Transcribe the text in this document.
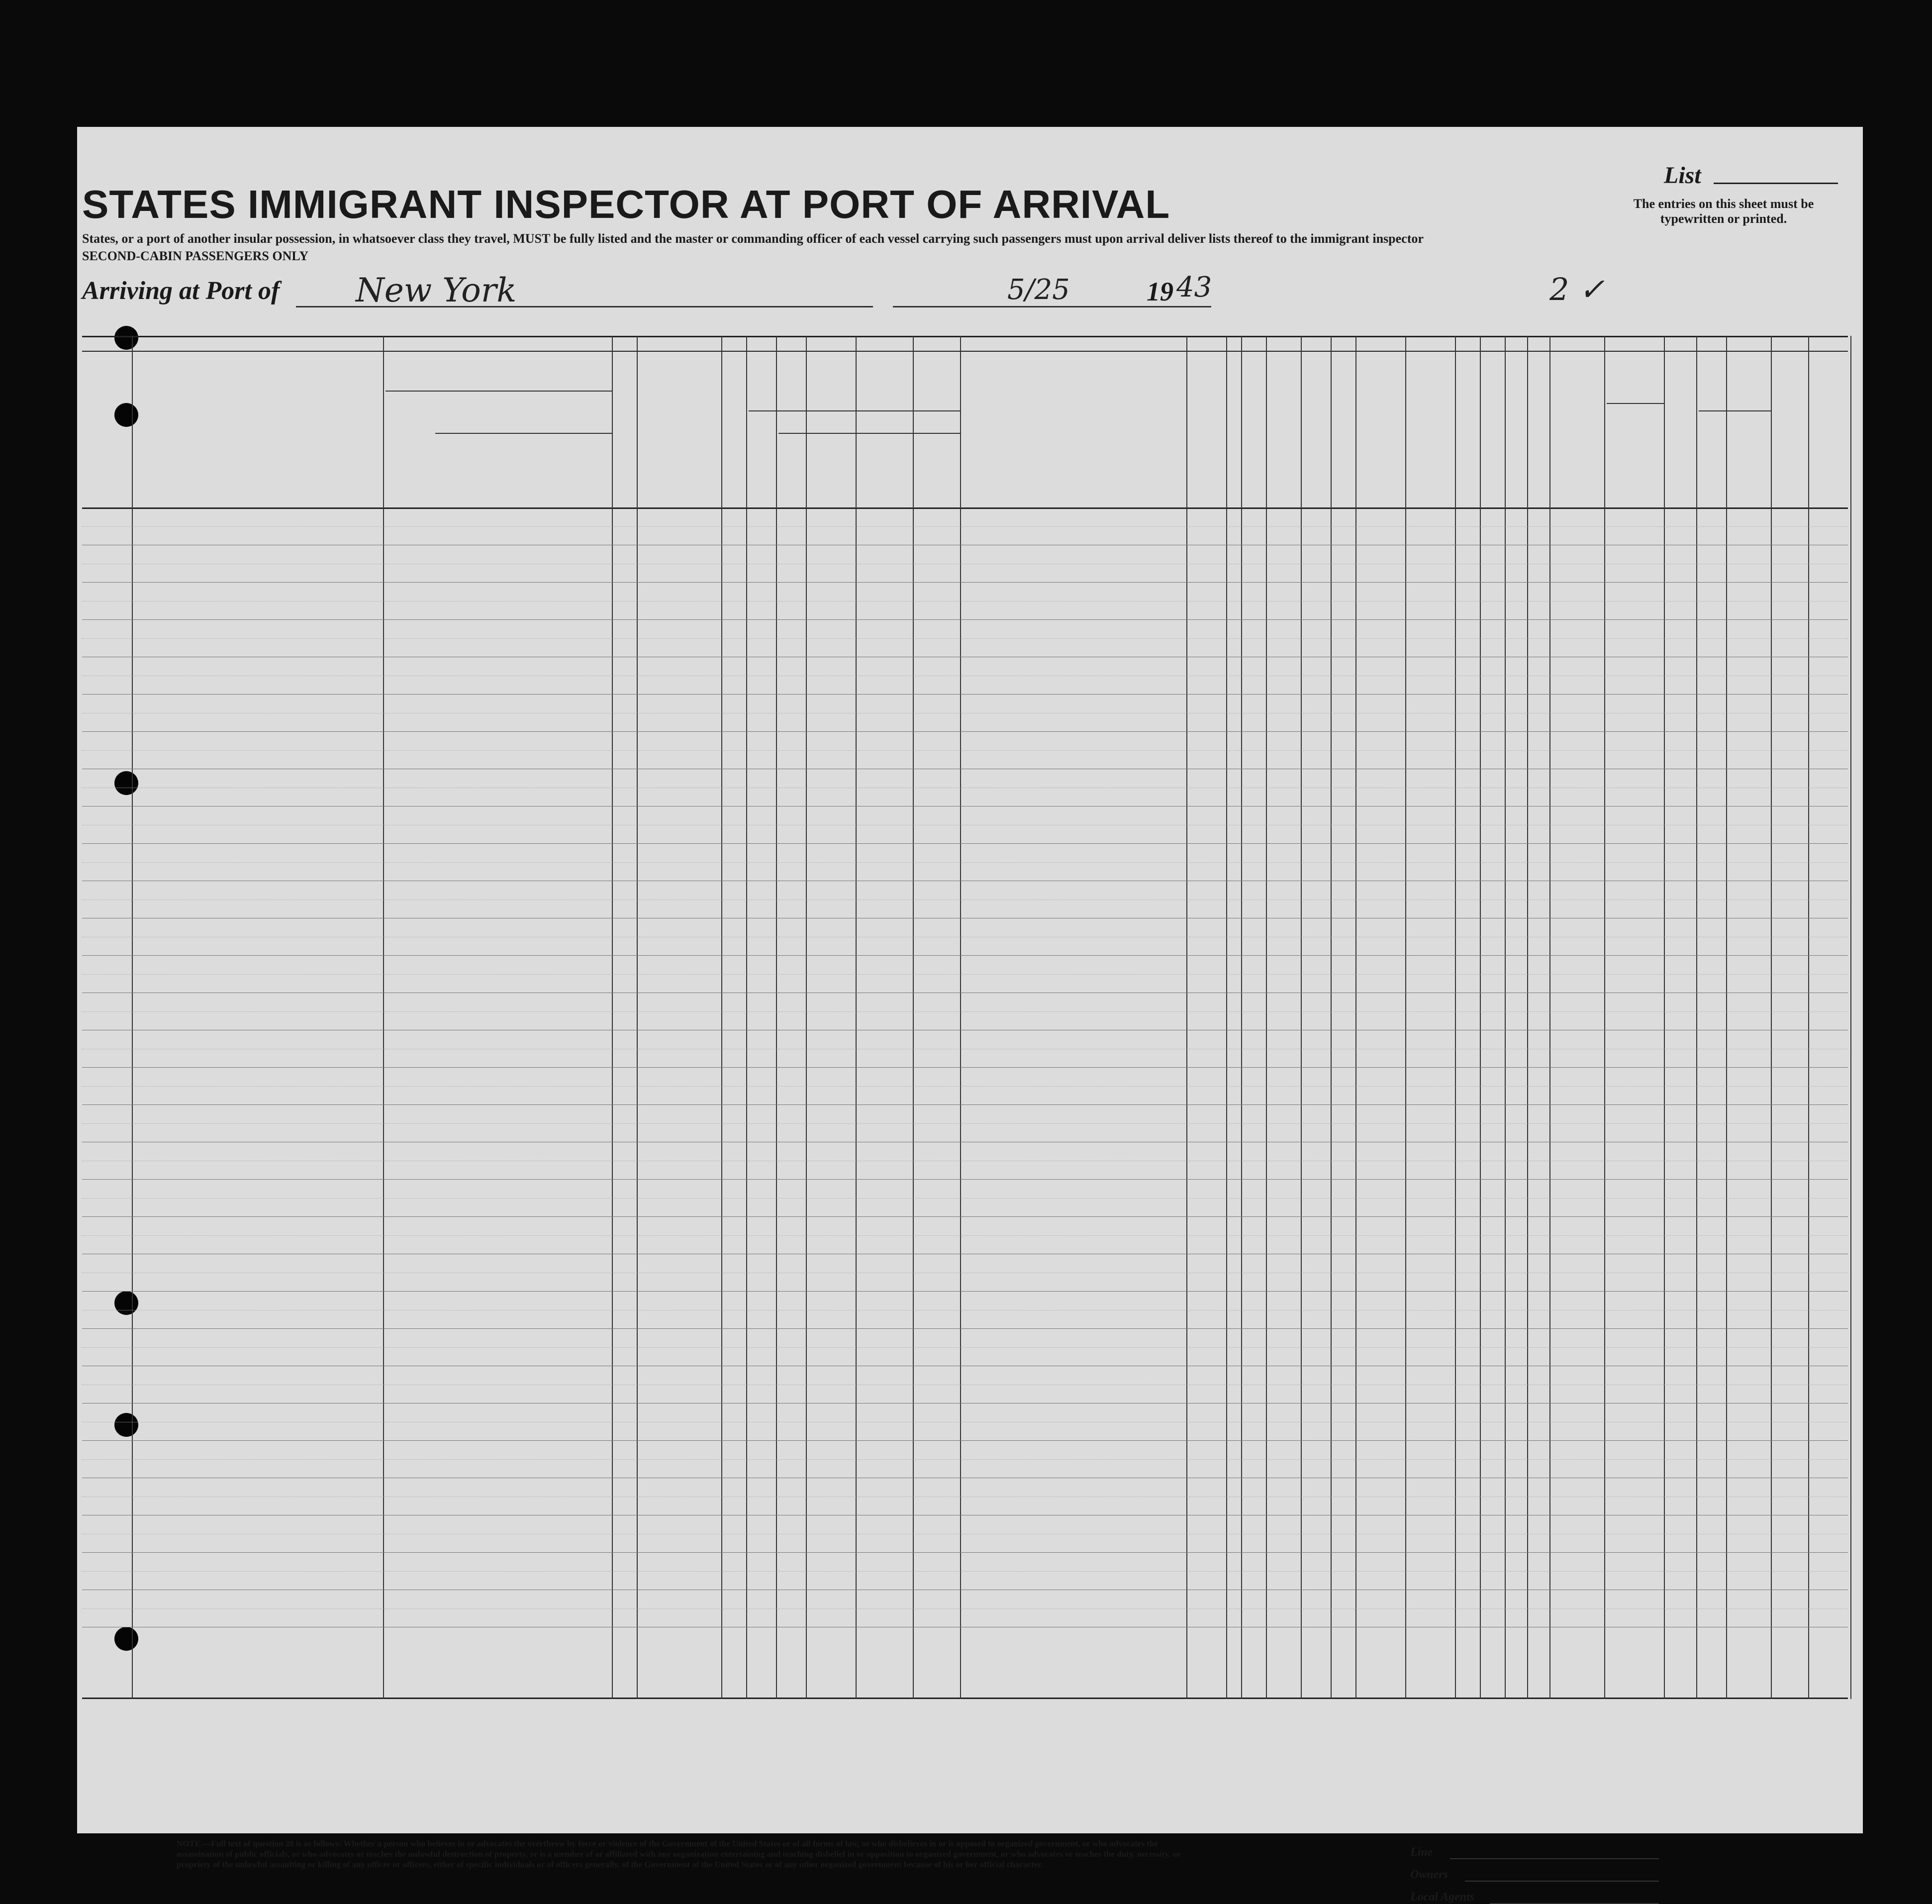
STATES IMMIGRANT INSPECTOR AT PORT OF ARRIVAL
List
The entries on this sheet must be typewritten or printed.
States, or a port of another insular possession, in whatsoever class they travel, MUST be fully listed and the master or commanding officer of each vessel carrying such passengers must upon arrival deliver lists thereof to the immigrant inspector
SECOND-CABIN PASSENGERS ONLY
Arriving at Port of New York	5/25	19 43	2 ✓
NOTE.—Full text of question 28 is as follows: Whether a person who believes in or advocates the overthrow by force or violence of the Government of the United States or of all forms of law, or who disbelieves in or is opposed to organized government, or who advocates the assassination of public officials, or who advocates or teaches the unlawful destruction of property, or is a member of or affiliated with any organization entertaining and teaching disbelief in or opposition to organized government, or who advocates or teaches the duty, necessity, or propriety of the unlawful assaulting or killing of any officer or officers, either of specific individuals or of officers generally, of the Government of the United States or of any other organized government because of his or her official character.
Line
Owners
Local Agents
